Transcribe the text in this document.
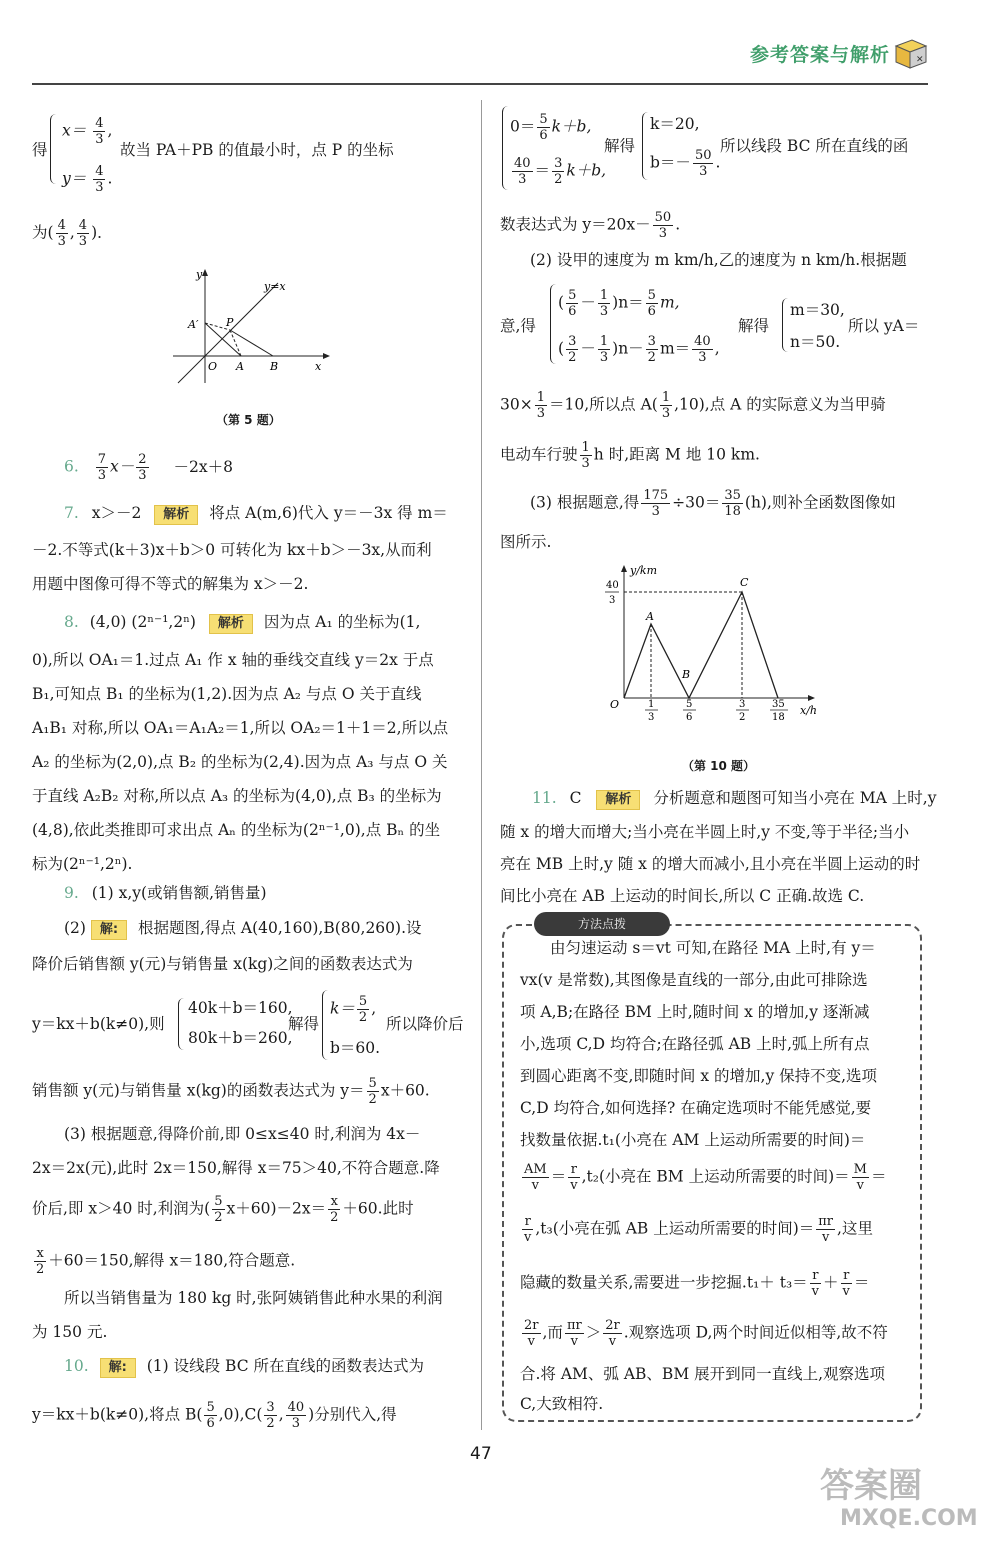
参考答案与解析	✕
$x= \frac{4}{3}$ ,
得	故当 PA＋PB 的值最小时，点 P 的坐标
$y= \frac{4}{3}$ .
为( $\frac{4}{3}$ , $\frac{4}{3}$ )．
y
y=x
A′	P
O A B	x
（第 5 题）
6. $\frac{7}{3} x- \frac{2}{3} -2x+8$
7. x＞－2 解析 将点 A(m,6)代入 y＝－3x 得 m＝
－2.不等式(k＋3)x＋b＞0 可转化为 kx＋b＞－3x,从而利
用题中图像可得不等式的解集为 x＞－2.
8. (4,0) (2ⁿ⁻¹,2ⁿ) 解析 因为点 A₁ 的坐标为(1,
0),所以 OA₁＝1.过点 A₁ 作 x 轴的垂线交直线 y＝2x 于点
B₁,可知点 B₁ 的坐标为(1,2).因为点 A₂ 与点 O 关于直线
A₁B₁ 对称,所以 OA₁＝A₁A₂＝1,所以 OA₂＝1＋1＝2,所以点
A₂ 的坐标为(2,0),点 B₂ 的坐标为(2,4).因为点 A₃ 与点 O 关
于直线 A₂B₂ 对称,所以点 A₃ 的坐标为(4,0),点 B₃ 的坐标为
(4,8),依此类推即可求出点 Aₙ 的坐标为(2ⁿ⁻¹,0),点 Bₙ 的坐
标为(2ⁿ⁻¹,2ⁿ).
9. (1) x,y(或销售额,销售量)
(2) 解: 根据题图,得点 A(40,160),B(80,260).设
降价后销售额 y(元)与销售量 x(kg)之间的函数表达式为
y＝kx＋b(k≠0),则
40k＋b＝160,
80k＋b＝260,
解得
$k= \frac{5}{2}$ ,
b＝60.
所以降价后
销售额 y(元)与销售量 x(kg)的函数表达式为 $y= \frac{5}{2} x+60$.
(3) 根据题意,得降价前,即 0≤x≤40 时,利润为 4x－
2x＝2x(元),此时 2x＝150,解得 x＝75＞40,不符合题意.降
价后,即 x＞40 时,利润为( $\frac{5}{2} x+60)-2x= \frac{x}{2} +60$.此时
$\frac{x}{2} +60=150$,解得 x＝180,符合题意.
所以当销售量为 180 kg 时,张阿姨销售此种水果的利润
为 150 元.
10. 解: (1) 设线段 BC 所在直线的函数表达式为
y＝kx＋b(k≠0),将点 $B( \frac{5}{6} ,0),C( \frac{3}{2}$ , $\frac{40}{3}$ )分别代入,得
$0= \frac{5}{6} k+b$,
$\frac{40}{3} = \frac{3}{2} k+b$,
解得
k＝20,
$b=- \frac{50}{3}$ .
所以线段 BC 所在直线的函
数表达式为 $y=20x- \frac{50}{3}$ .
(2) 设甲的速度为 m km/h,乙的速度为 n km/h.根据题
( $\frac{5}{6} - \frac{1}{3} )n= \frac{5}{6} m$,
( $\frac{3}{2} - \frac{1}{3} )n- \frac{3}{2} m= \frac{40}{3}$ ,
意,得	解得
m＝30,
n＝50.
所以 yA＝
$30\times \frac{1}{3} =10$,所以点 $A( \frac{1}{3} ,10)$,点 A 的实际意义为当甲骑
电动车行驶 $\frac{1}{3}$ h 时,距离 M 地 10 km.
(3) 根据题意,得 $\frac{175}{3} \div 30= \frac{35}{18} (h)$,则补全函数图像如
图所示.
y/km
x/h
O
A
B
C
40
3
1
3
5
6
3
2
35
18
（第 10 题）
11. C 解析 分析题意和题图可知当小亮在 MA 上时,y
随 x 的增大而增大;当小亮在半圆上时,y 不变,等于半径;当小
亮在 MB 上时,y 随 x 的增大而减小,且小亮在半圆上运动的时
间比小亮在 AB 上运动的时间长,所以 C 正确.故选 C.
方法点拨
由匀速运动 s＝vt 可知,在路径 MA 上时,有 y＝
vx(v 是常数),其图像是直线的一部分,由此可排除选
项 A,B;在路径 BM 上时,随时间 x 的增加,y 逐渐减
小,选项 C,D 均符合;在路径弧 AB 上时,弧上所有点
到圆心距离不变,即随时间 x 的增加,y 保持不变,选项
C,D 均符合,如何选择? 在确定选项时不能凭感觉,要
找数量依据.t₁(小亮在 AM 上运动所需要的时间)＝
$\frac{AM}{v} = \frac{r}{v} ,t_2$(小亮在 BM 上运动所需要的时间)＝ $\frac{M}{v}$ ＝
$\frac{r}{v} ,t_3$(小亮在弧 AB 上运动所需要的时间)＝ $\frac{\pi r}{v}$ ,这里
隐藏的数量关系,需要进一步挖掘$.t_1+ t_3= \frac{r}{v} + \frac{r}{v}$ ＝
$\frac{2r}{v}$ ,而 $\frac{\pi r}{v} > \frac{2r}{v}$ .观察选项 D,两个时间近似相等,故不符
合.将 AM、弧 AB、BM 展开到同一直线上,观察选项
C,大致相符.
47
答案圈
MXQE.COM
